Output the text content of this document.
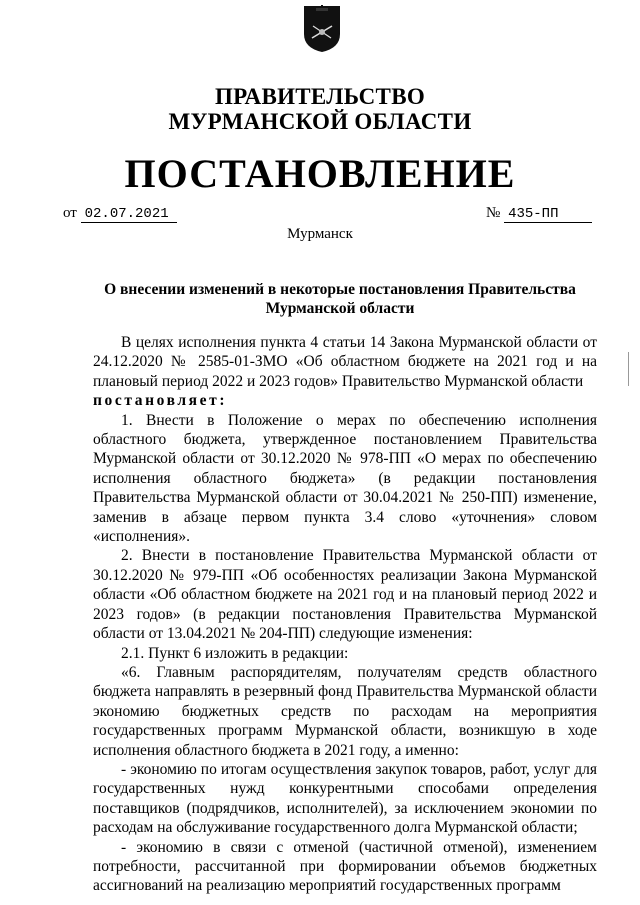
ПРАВИТЕЛЬСТВО
МУРМАНСКОЙ ОБЛАСТИ
ПОСТАНОВЛЕНИЕ
от 02.07.2021	№ 435-ПП
Мурманск
О внесении изменений в некоторые постановления Правительства Мурманской области

В целях исполнения пункта 4 статьи 14 Закона Мурманской области от 24.12.2020 № 2585-01-ЗМО «Об областном бюджете на 2021 год и на плановый период 2022 и 2023 годов» Правительство Мурманской области

постановляет:

1. Внести в Положение о мерах по обеспечению исполнения областного бюджета, утвержденное постановлением Правительства Мурманской области от 30.12.2020 № 978-ПП «О мерах по обеспечению исполнения областного бюджета» (в редакции постановления Правительства Мурманской области от 30.04.2021 № 250-ПП) изменение, заменив в абзаце первом пункта 3.4 слово «уточнения» словом «исполнения».

2. Внести в постановление Правительства Мурманской области от 30.12.2020 № 979-ПП «Об особенностях реализации Закона Мурманской области «Об областном бюджете на 2021 год и на плановый период 2022 и 2023 годов» (в редакции постановления Правительства Мурманской области от 13.04.2021 № 204-ПП) следующие изменения:

2.1. Пункт 6 изложить в редакции:

«6. Главным распорядителям, получателям средств областного бюджета направлять в резервный фонд Правительства Мурманской области экономию бюджетных средств по расходам на мероприятия государственных программ Мурманской области, возникшую в ходе исполнения областного бюджета в 2021 году, а именно:

- экономию по итогам осуществления закупок товаров, работ, услуг для государственных нужд конкурентными способами определения поставщиков (подрядчиков, исполнителей), за исключением экономии по расходам на обслуживание государственного долга Мурманской области;

- экономию в связи с отменой (частичной отменой), изменением потребности, рассчитанной при формировании объемов бюджетных ассигнований на реализацию мероприятий государственных программ
